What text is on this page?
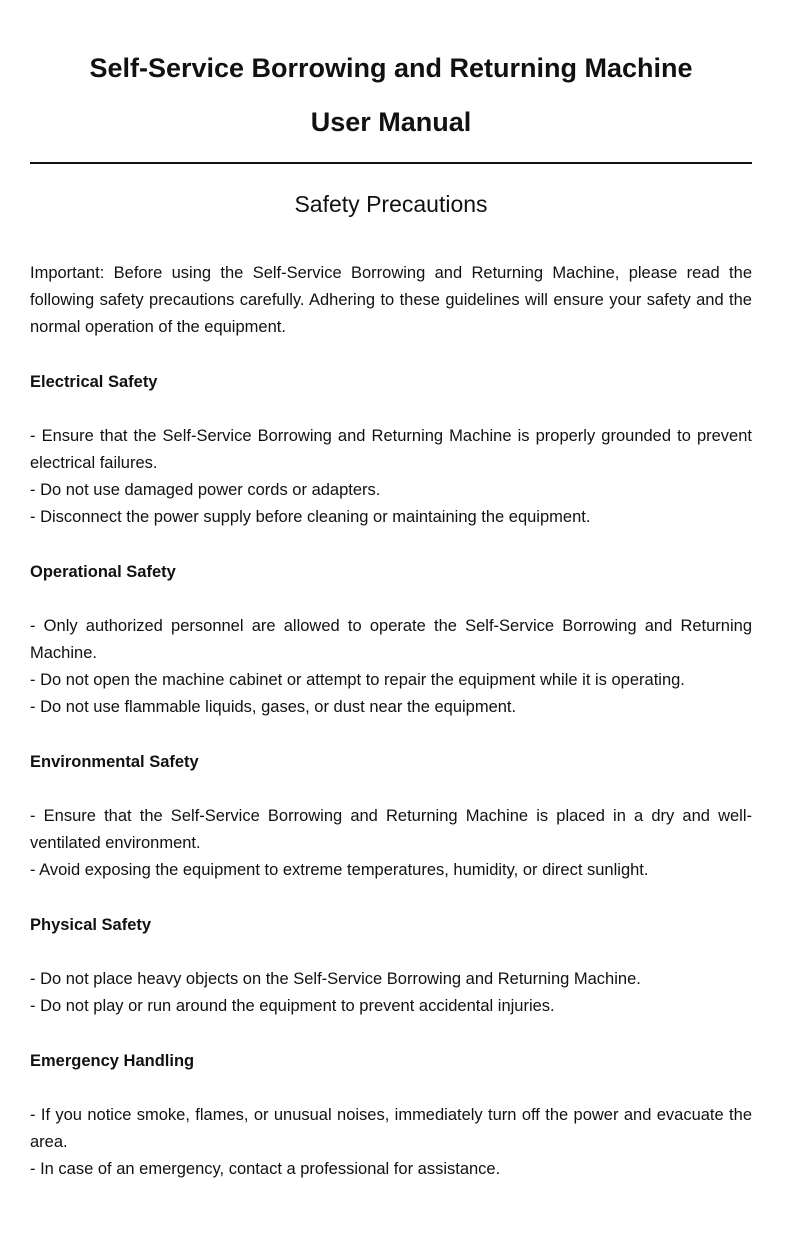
Self-Service Borrowing and Returning Machine
User Manual
Safety Precautions

Important: Before using the Self-Service Borrowing and Returning Machine, please read the following safety precautions carefully. Adhering to these guidelines will ensure your safety and the normal operation of the equipment.

Electrical Safety
- Ensure that the Self-Service Borrowing and Returning Machine is properly grounded to prevent electrical failures.
- Do not use damaged power cords or adapters.
- Disconnect the power supply before cleaning or maintaining the equipment.
Operational Safety
- Only authorized personnel are allowed to operate the Self-Service Borrowing and Returning Machine.
- Do not open the machine cabinet or attempt to repair the equipment while it is operating.
- Do not use flammable liquids, gases, or dust near the equipment.
Environmental Safety
- Ensure that the Self-Service Borrowing and Returning Machine is placed in a dry and well-ventilated environment.
- Avoid exposing the equipment to extreme temperatures, humidity, or direct sunlight.
Physical Safety
- Do not place heavy objects on the Self-Service Borrowing and Returning Machine.
- Do not play or run around the equipment to prevent accidental injuries.
Emergency Handling
- If you notice smoke, flames, or unusual noises, immediately turn off the power and evacuate the area.
- In case of an emergency, contact a professional for assistance.
